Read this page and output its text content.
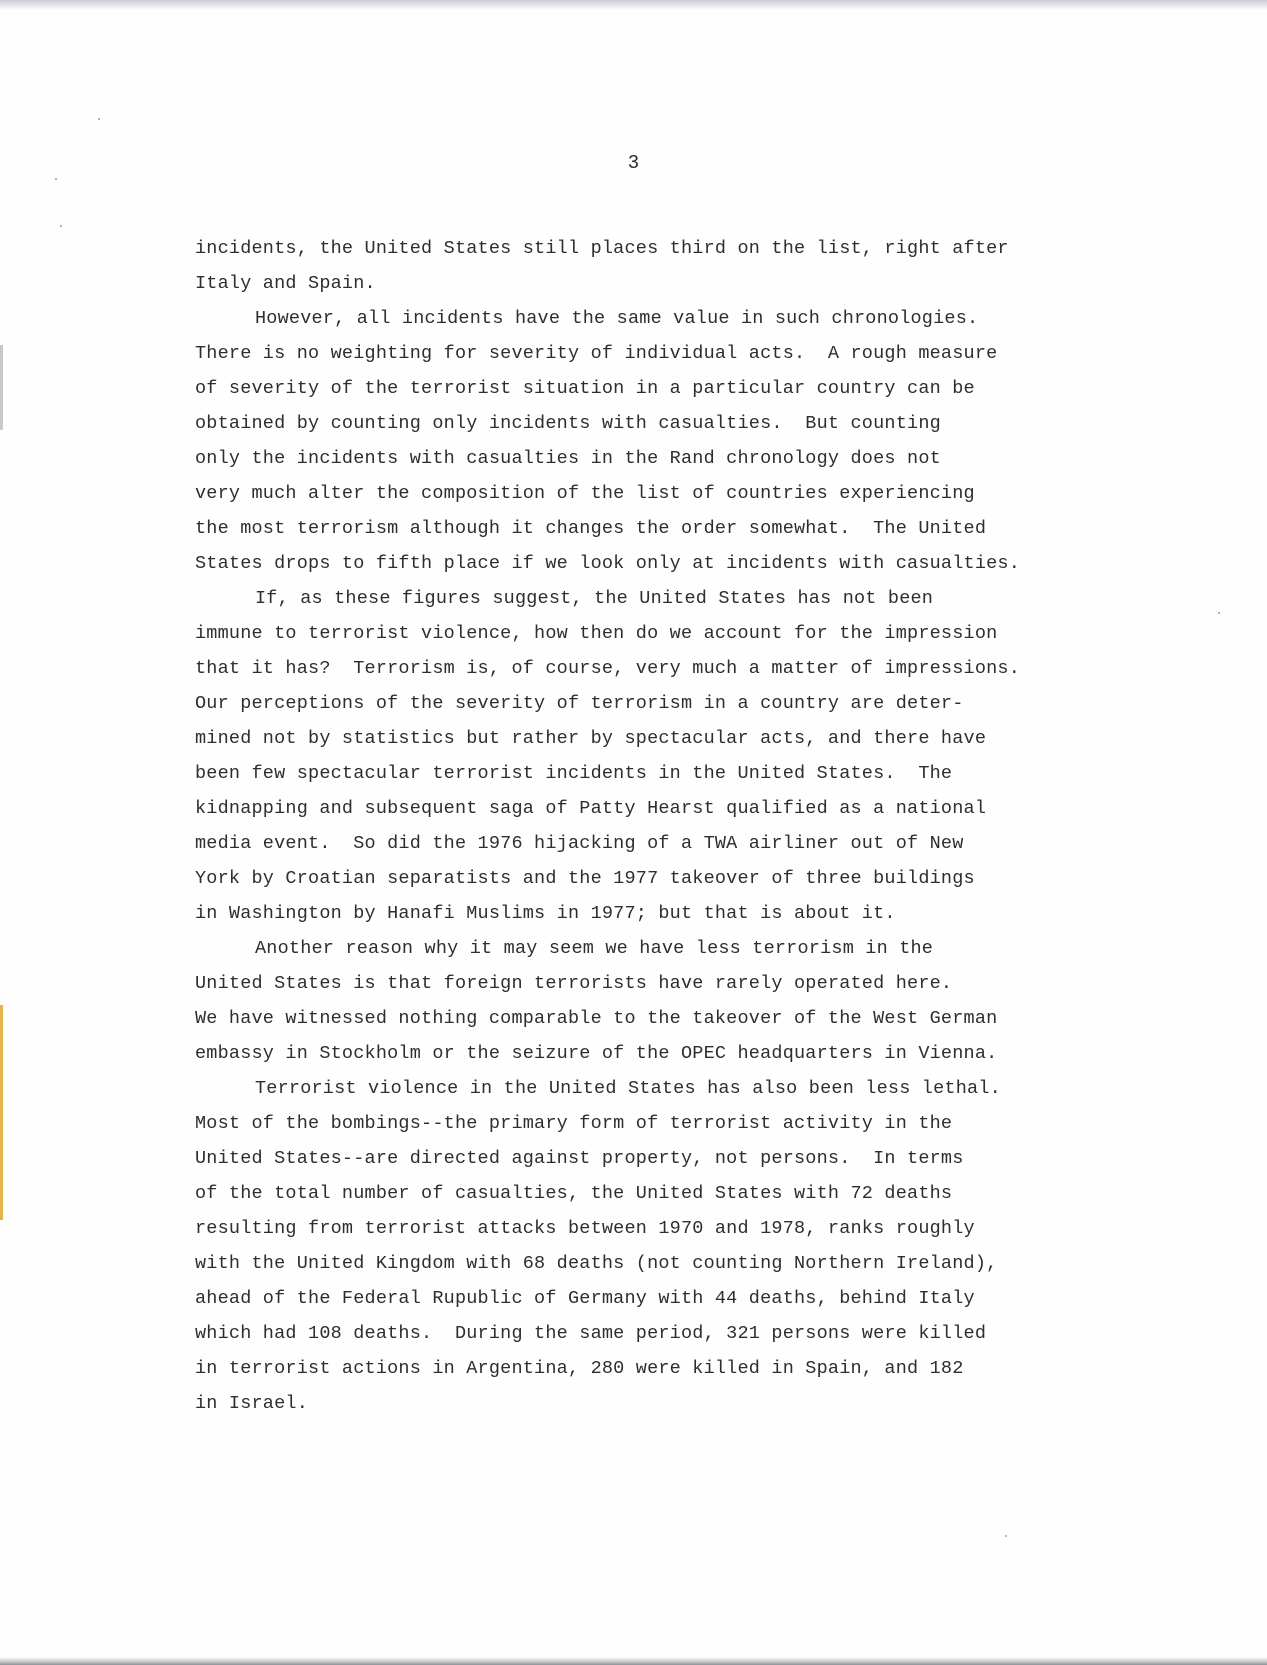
3
incidents, the United States still places third on the list, right after
Italy and Spain.
However, all incidents have the same value in such chronologies.
There is no weighting for severity of individual acts.  A rough measure
of severity of the terrorist situation in a particular country can be
obtained by counting only incidents with casualties.  But counting
only the incidents with casualties in the Rand chronology does not
very much alter the composition of the list of countries experiencing
the most terrorism although it changes the order somewhat.  The United
States drops to fifth place if we look only at incidents with casualties.
If, as these figures suggest, the United States has not been
immune to terrorist violence, how then do we account for the impression
that it has?  Terrorism is, of course, very much a matter of impressions.
Our perceptions of the severity of terrorism in a country are deter-
mined not by statistics but rather by spectacular acts, and there have
been few spectacular terrorist incidents in the United States.  The
kidnapping and subsequent saga of Patty Hearst qualified as a national
media event.  So did the 1976 hijacking of a TWA airliner out of New
York by Croatian separatists and the 1977 takeover of three buildings
in Washington by Hanafi Muslims in 1977; but that is about it.
Another reason why it may seem we have less terrorism in the
United States is that foreign terrorists have rarely operated here.
We have witnessed nothing comparable to the takeover of the West German
embassy in Stockholm or the seizure of the OPEC headquarters in Vienna.
Terrorist violence in the United States has also been less lethal.
Most of the bombings--the primary form of terrorist activity in the
United States--are directed against property, not persons.  In terms
of the total number of casualties, the United States with 72 deaths
resulting from terrorist attacks between 1970 and 1978, ranks roughly
with the United Kingdom with 68 deaths (not counting Northern Ireland),
ahead of the Federal Rupublic of Germany with 44 deaths, behind Italy
which had 108 deaths.  During the same period, 321 persons were killed
in terrorist actions in Argentina, 280 were killed in Spain, and 182
in Israel.
